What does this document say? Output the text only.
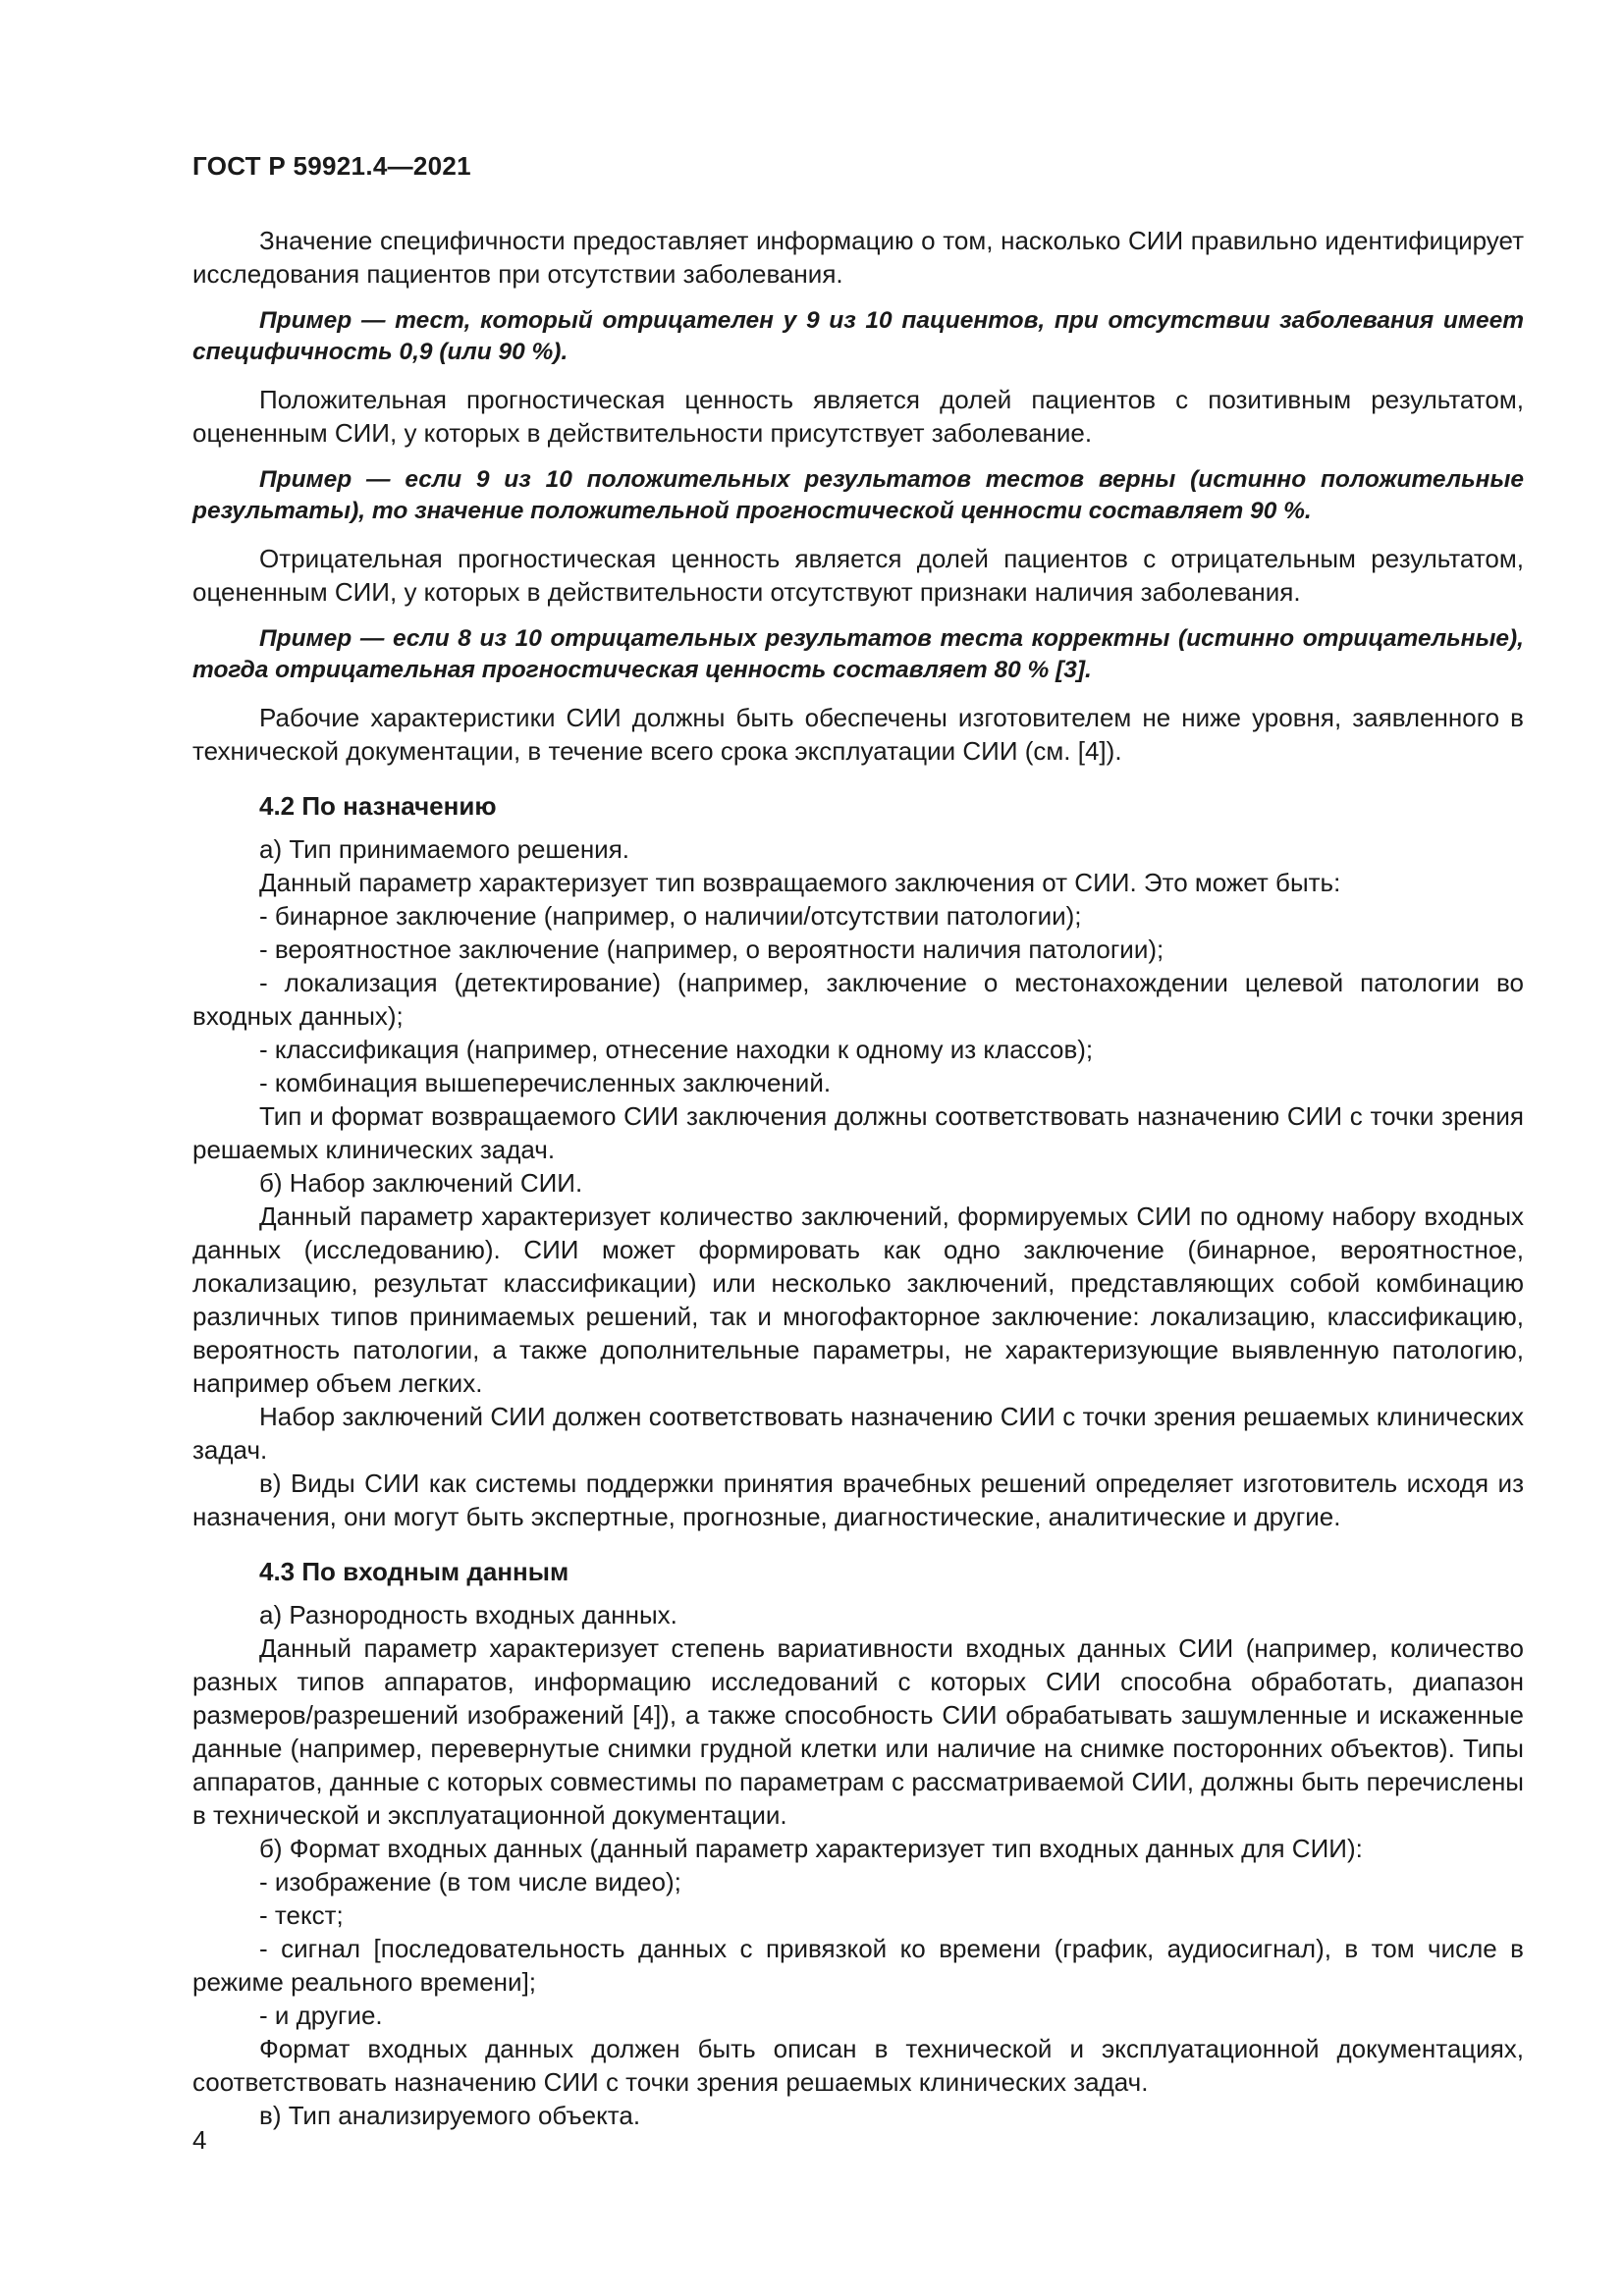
ГОСТ Р 59921.4—2021

Значение специфичности предоставляет информацию о том, насколько СИИ правильно идентифицирует исследования пациентов при отсутствии заболевания.

Пример — тест, который отрицателен у 9 из 10 пациентов, при отсутствии заболевания имеет специфичность 0,9 (или 90 %).

Положительная прогностическая ценность является долей пациентов с позитивным результатом, оцененным СИИ, у которых в действительности присутствует заболевание.

Пример — если 9 из 10 положительных результатов тестов верны (истинно положительные результаты), то значение положительной прогностической ценности составляет 90 %.

Отрицательная прогностическая ценность является долей пациентов с отрицательным результатом, оцененным СИИ, у которых в действительности отсутствуют признаки наличия заболевания.

Пример — если 8 из 10 отрицательных результатов теста корректны (истинно отрицательные), тогда отрицательная прогностическая ценность составляет 80 % [3].

Рабочие характеристики СИИ должны быть обеспечены изготовителем не ниже уровня, заявленного в технической документации, в течение всего срока эксплуатации СИИ (см. [4]).

4.2 По назначению

а) Тип принимаемого решения.

Данный параметр характеризует тип возвращаемого заключения от СИИ. Это может быть:

- бинарное заключение (например, о наличии/отсутствии патологии);

- вероятностное заключение (например, о вероятности наличия патологии);

- локализация (детектирование) (например, заключение о местонахождении целевой патологии во входных данных);

- классификация (например, отнесение находки к одному из классов);

- комбинация вышеперечисленных заключений.

Тип и формат возвращаемого СИИ заключения должны соответствовать назначению СИИ с точки зрения решаемых клинических задач.

б) Набор заключений СИИ.

Данный параметр характеризует количество заключений, формируемых СИИ по одному набору входных данных (исследованию). СИИ может формировать как одно заключение (бинарное, вероятностное, локализацию, результат классификации) или несколько заключений, представляющих собой комбинацию различных типов принимаемых решений, так и многофакторное заключение: локализацию, классификацию, вероятность патологии, а также дополнительные параметры, не характеризующие выявленную патологию, например объем легких.

Набор заключений СИИ должен соответствовать назначению СИИ с точки зрения решаемых клинических задач.

в) Виды СИИ как системы поддержки принятия врачебных решений определяет изготовитель исходя из назначения, они могут быть экспертные, прогнозные, диагностические, аналитические и другие.

4.3 По входным данным

а) Разнородность входных данных.

Данный параметр характеризует степень вариативности входных данных СИИ (например, количество разных типов аппаратов, информацию исследований с которых СИИ способна обработать, диапазон размеров/разрешений изображений [4]), а также способность СИИ обрабатывать зашумленные и искаженные данные (например, перевернутые снимки грудной клетки или наличие на снимке посторонних объектов). Типы аппаратов, данные с которых совместимы по параметрам с рассматриваемой СИИ, должны быть перечислены в технической и эксплуатационной документации.

б) Формат входных данных (данный параметр характеризует тип входных данных для СИИ):

- изображение (в том числе видео);

- текст;

- сигнал [последовательность данных с привязкой ко времени (график, аудиосигнал), в том числе в режиме реального времени];

- и другие.

Формат входных данных должен быть описан в технической и эксплуатационной документациях, соответствовать назначению СИИ с точки зрения решаемых клинических задач.

в) Тип анализируемого объекта.

4
